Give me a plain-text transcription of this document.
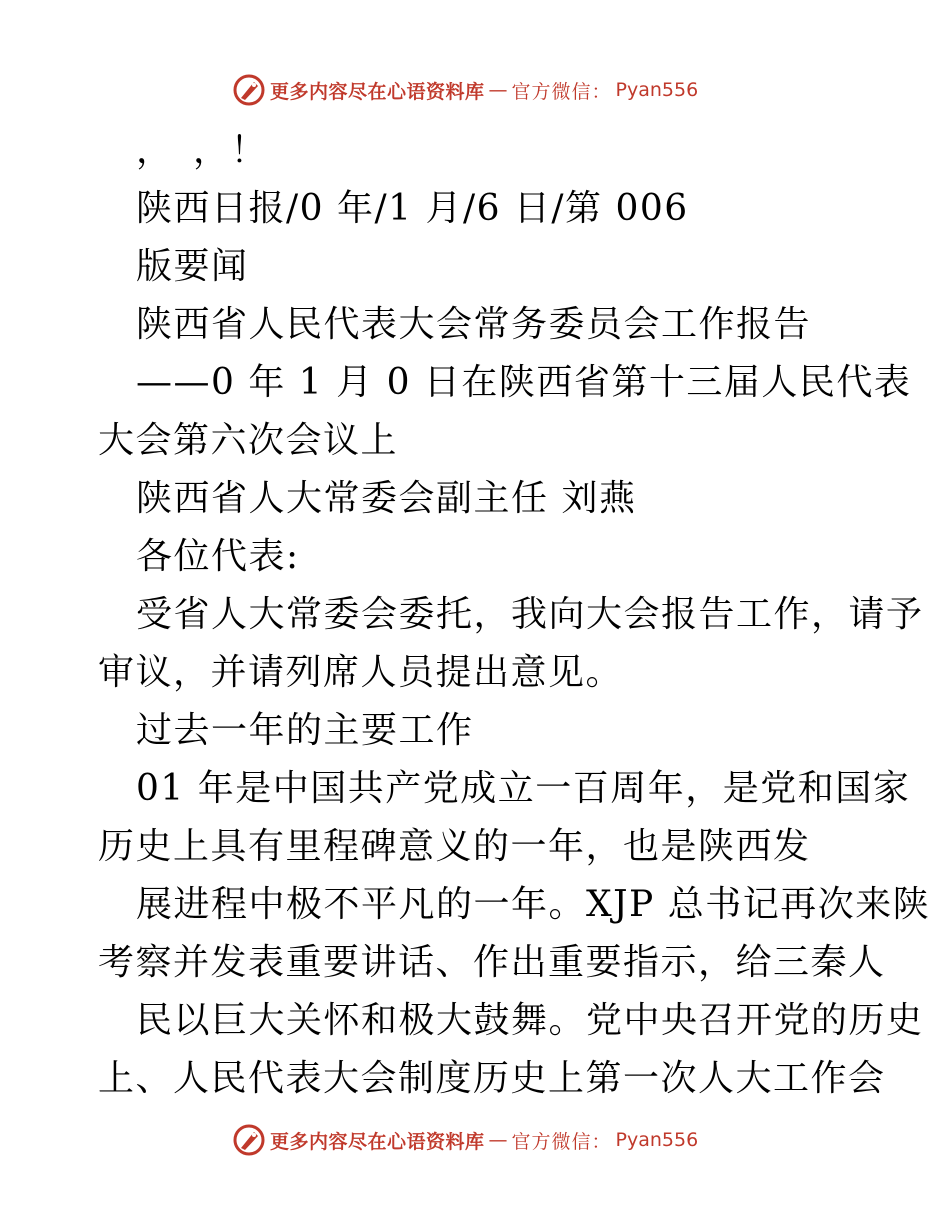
更多内容尽在心语资料库 — 官方微信： Pyan556
，　，！
陕西日报/0 年/1 月/6 日/第 006
版要闻
陕西省人民代表大会常务委员会工作报告
——0 年 1 月 0 日在陕西省第十三届人民代表
大会第六次会议上
陕西省人大常委会副主任 刘燕
各位代表:
受省人大常委会委托，我向大会报告工作，请予
审议，并请列席人员提出意见。
过去一年的主要工作
01 年是中国共产党成立一百周年，是党和国家
历史上具有里程碑意义的一年，也是陕西发
展进程中极不平凡的一年。XJP 总书记再次来陕
考察并发表重要讲话、作出重要指示，给三秦人
民以巨大关怀和极大鼓舞。党中央召开党的历史
上、人民代表大会制度历史上第一次人大工作会
更多内容尽在心语资料库 — 官方微信： Pyan556
